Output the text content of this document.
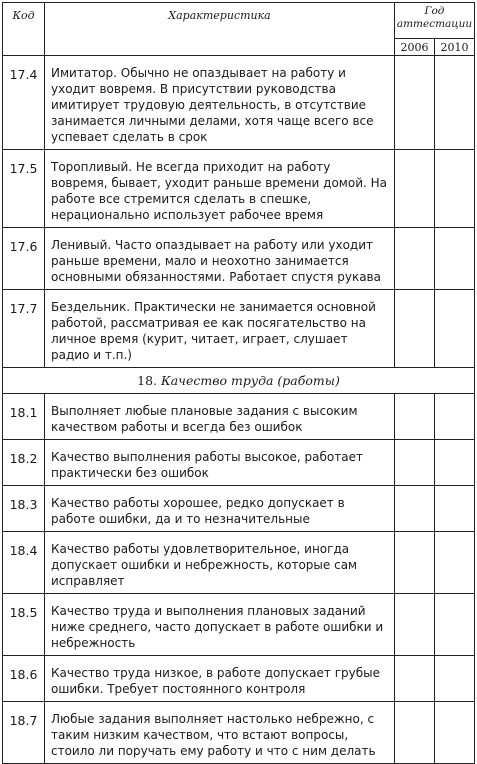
Код	Характеристика	Год
аттестации	
		2006	2010
17.4	Имитатор. Обычно не опаздывает на работу и уходит вовремя. В присутствии руководства имитирует трудовую деятельность, в отсутствие занимается личными делами, хотя чаще всего все успевает сделать в срок		
17.5	Торопливый. Не всегда приходит на работу вовремя, бывает, уходит раньше времени домой. На работе все стремится сделать в спешке, нерационально использует рабочее время		
17.6	Ленивый. Часто опаздывает на работу или уходит раньше времени, мало и неохотно занимается основными обязанностями. Работает спустя рукава		
17.7	Бездельник. Практически не занимается основной работой, рассматривая ее как посягательство на личное время (курит, читает, играет, слушает радио и т.п.)		
18. Качество труда (работы)			
18.1	Выполняет любые плановые задания с высоким качеством работы и всегда без ошибок		
18.2	Качество выполнения работы высокое, работает практически без ошибок		
18.3	Качество работы хорошее, редко допускает в работе ошибки, да и то незначительные		
18.4	Качество работы удовлетворительное, иногда допускает ошибки и небрежность, которые сам исправляет		
18.5	Качество труда и выполнения плановых заданий ниже среднего, часто допускает в работе ошибки и небрежность		
18.6	Качество труда низкое, в работе допускает грубые ошибки. Требует постоянного контроля		
18.7	Любые задания выполняет настолько небрежно, с таким низким качеством, что встают вопросы, стоило ли поручать ему работу и что с ним делать		
